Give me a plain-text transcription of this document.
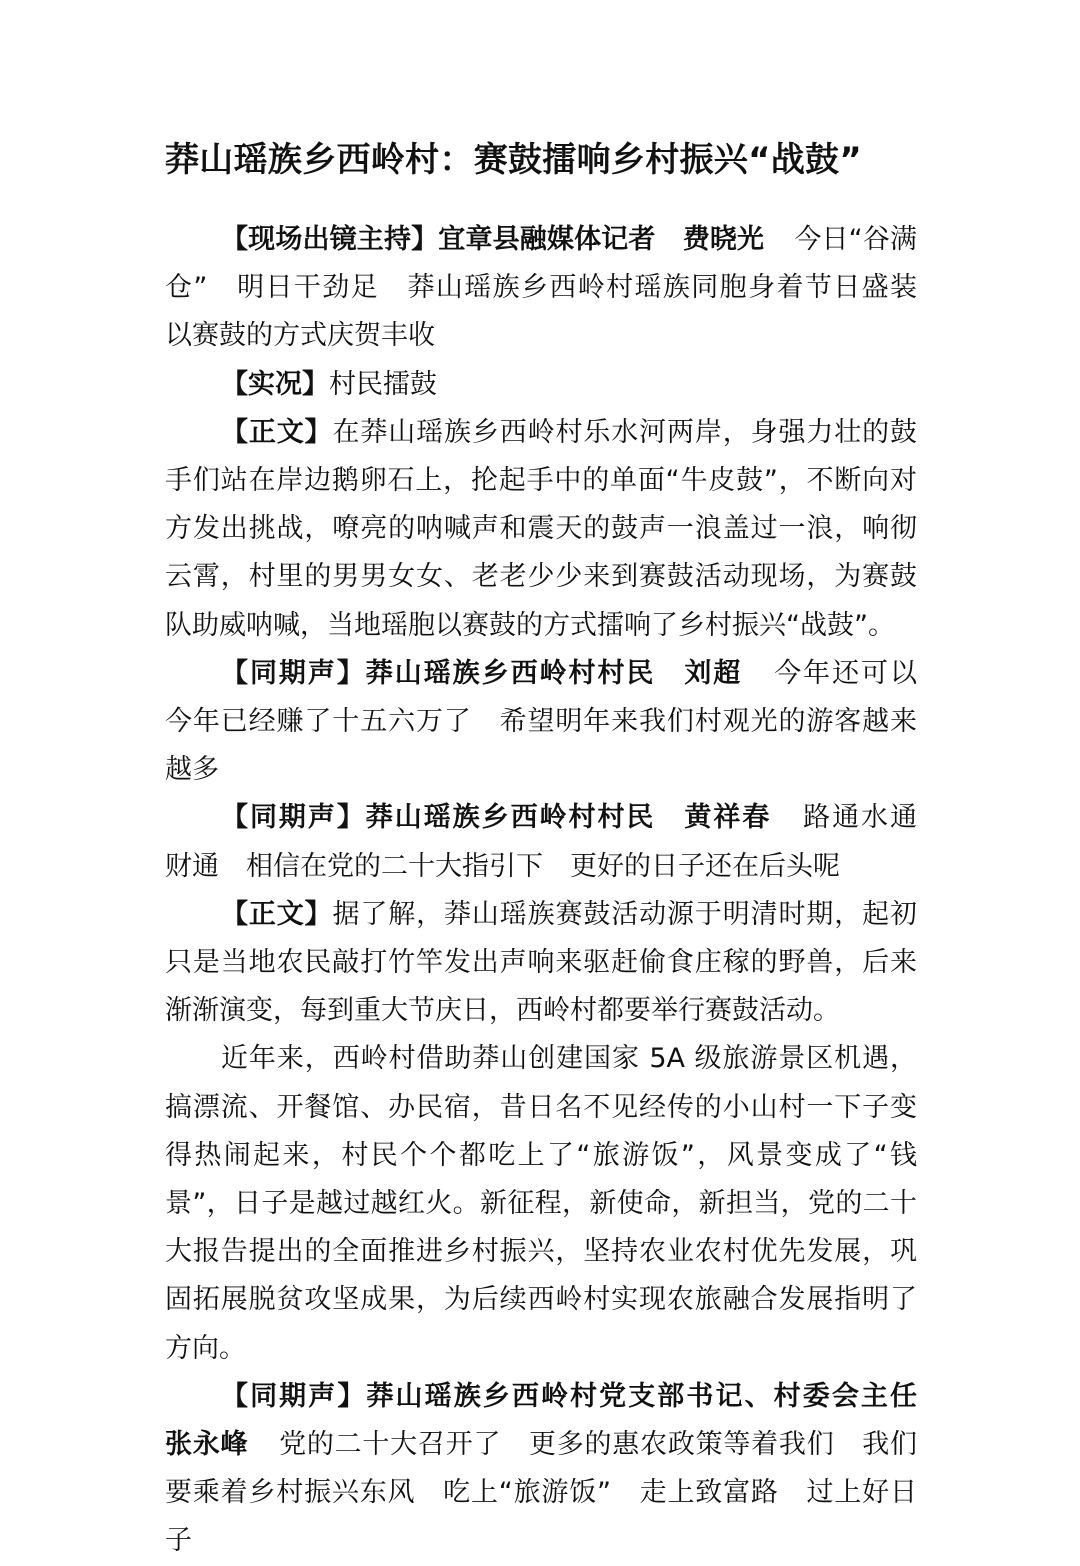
莽山瑶族乡西岭村：赛鼓擂响乡村振兴“战鼓”

【现场出镜主持】宜章县融媒体记者　费晓光 今日“谷满仓”　明日干劲足　莽山瑶族乡西岭村瑶族同胞身着节日盛装　以赛鼓的方式庆贺丰收

【实况】村民擂鼓

【正文】在莽山瑶族乡西岭村乐水河两岸，身强力壮的鼓手们站在岸边鹅卵石上，抡起手中的单面“牛皮鼓”，不断向对方发出挑战，嘹亮的呐喊声和震天的鼓声一浪盖过一浪，响彻云霄，村里的男男女女、老老少少来到赛鼓活动现场，为赛鼓队助威呐喊，当地瑶胞以赛鼓的方式擂响了乡村振兴“战鼓”。

【同期声】莽山瑶族乡西岭村村民　刘超 今年还可以　今年已经赚了十五六万了　希望明年来我们村观光的游客越来越多

【同期声】莽山瑶族乡西岭村村民　黄祥春 路通水通　财通　相信在党的二十大指引下　更好的日子还在后头呢

【正文】据了解，莽山瑶族赛鼓活动源于明清时期，起初只是当地农民敲打竹竿发出声响来驱赶偷食庄稼的野兽，后来渐渐演变，每到重大节庆日，西岭村都要举行赛鼓活动。

近年来，西岭村借助莽山创建国家 5A 级旅游景区机遇，搞漂流、开餐馆、办民宿，昔日名不见经传的小山村一下子变得热闹起来，村民个个都吃上了“旅游饭”，风景变成了“钱景”，日子是越过越红火。新征程，新使命，新担当，党的二十大报告提出的全面推进乡村振兴，坚持农业农村优先发展，巩固拓展脱贫攻坚成果，为后续西岭村实现农旅融合发展指明了方向。

【同期声】莽山瑶族乡西岭村党支部书记、村委会主任　张永峰 党的二十大召开了　更多的惠农政策等着我们　我们要乘着乡村振兴东风　吃上“旅游饭”　走上致富路　过上好日子
